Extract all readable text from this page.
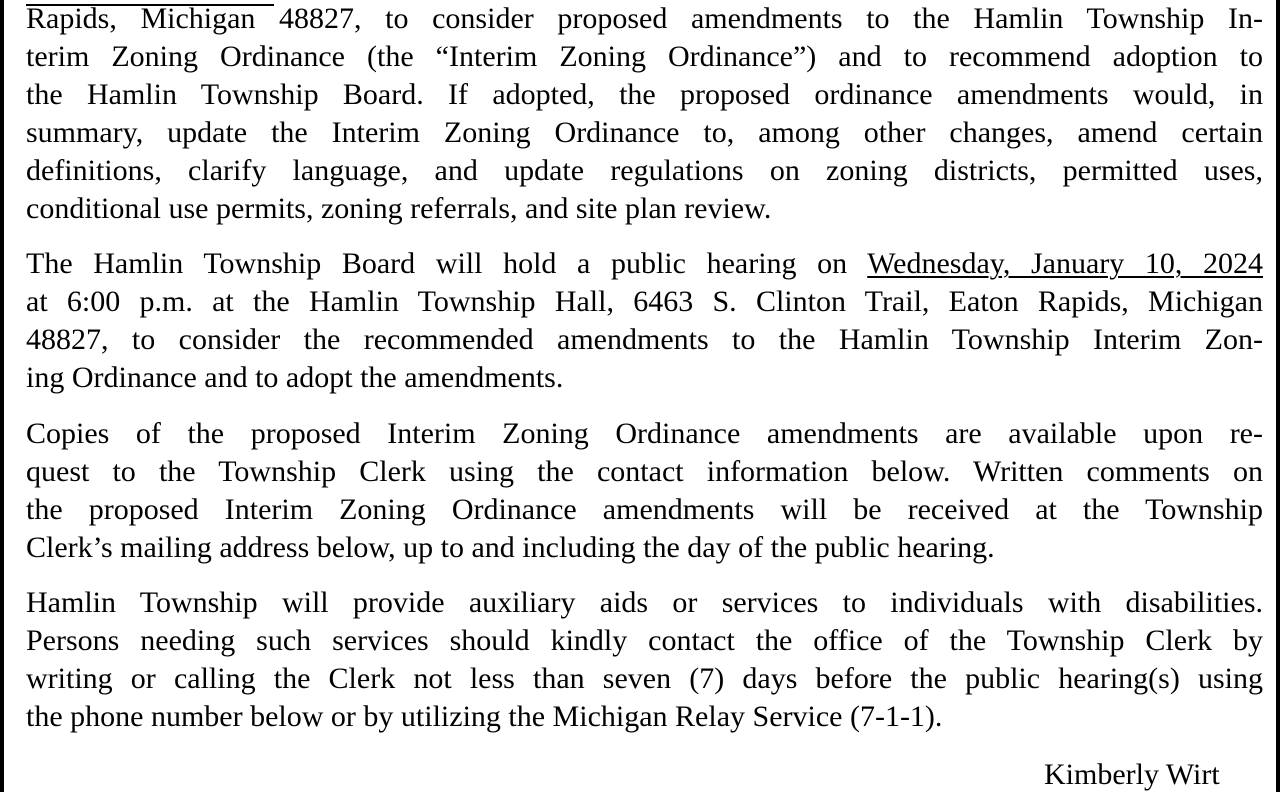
Rapids, Michigan 48827, to consider proposed amendments to the Hamlin Township In-
terim Zoning Ordinance (the “Interim Zoning Ordinance”) and to recommend adoption to
the Hamlin Township Board. If adopted, the proposed ordinance amendments would, in
summary, update the Interim Zoning Ordinance to, among other changes, amend certain
definitions, clarify language, and update regulations on zoning districts, permitted uses,
conditional use permits, zoning referrals, and site plan review.
The Hamlin Township Board will hold a public hearing on Wednesday, January 10, 2024
at 6:00 p.m. at the Hamlin Township Hall, 6463 S. Clinton Trail, Eaton Rapids, Michigan
48827, to consider the recommended amendments to the Hamlin Township Interim Zon-
ing Ordinance and to adopt the amendments.
Copies of the proposed Interim Zoning Ordinance amendments are available upon re-
quest to the Township Clerk using the contact information below. Written comments on
the proposed Interim Zoning Ordinance amendments will be received at the Township
Clerk’s mailing address below, up to and including the day of the public hearing.
Hamlin Township will provide auxiliary aids or services to individuals with disabilities.
Persons needing such services should kindly contact the office of the Township Clerk by
writing or calling the Clerk not less than seven (7) days before the public hearing(s) using
the phone number below or by utilizing the Michigan Relay Service (7-1-1).
Kimberly Wirt
